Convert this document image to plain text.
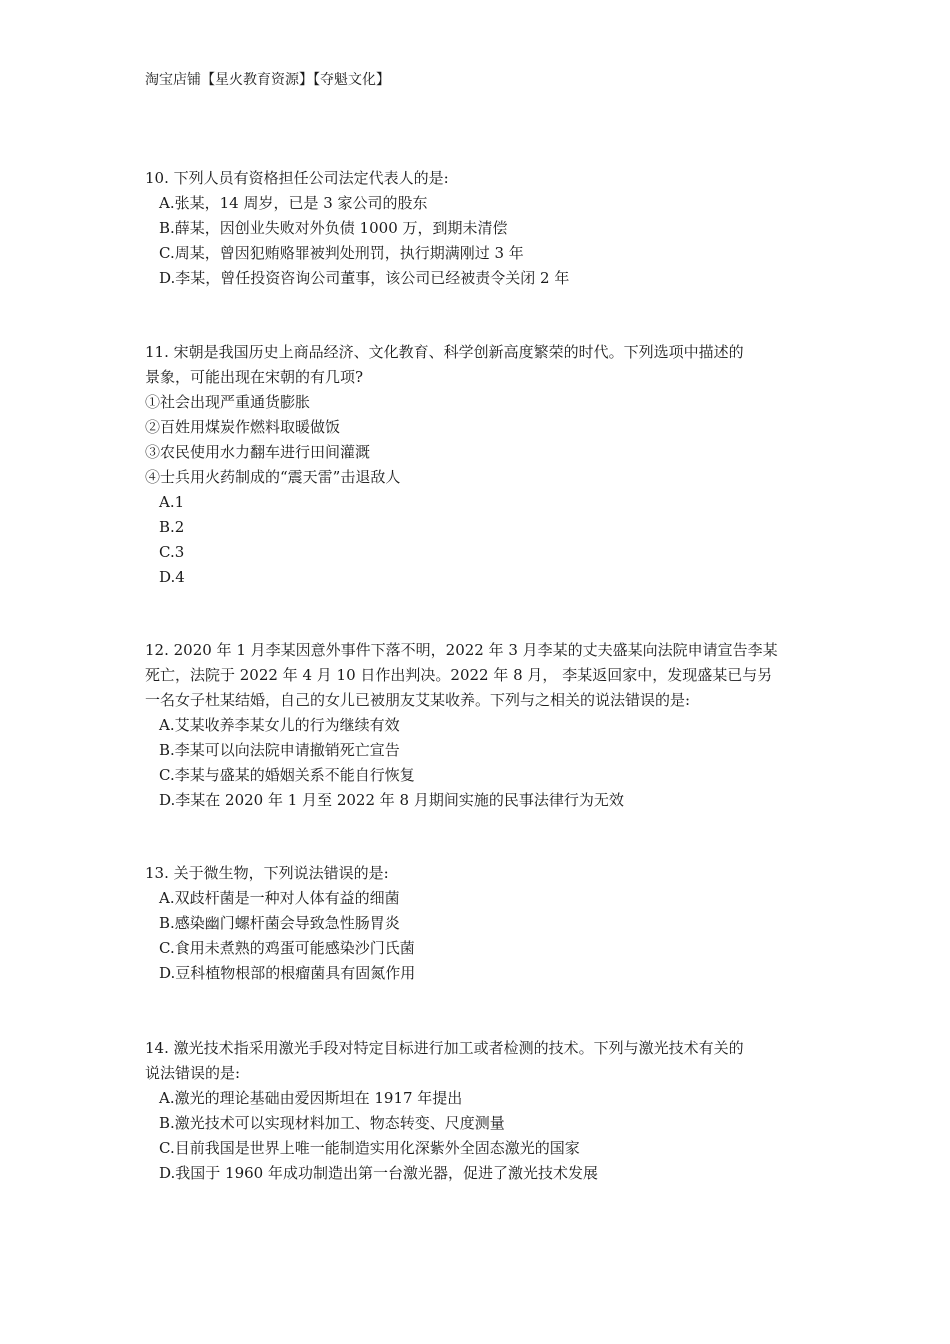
淘宝店铺【星火教育资源】【夺魁文化】
10. 下列人员有资格担任公司法定代表人的是:
A.张某，14 周岁，已是 3 家公司的股东
B.薛某，因创业失败对外负债 1000 万，到期未清偿
C.周某，曾因犯贿赂罪被判处刑罚，执行期满刚过 3 年
D.李某，曾任投资咨询公司董事，该公司已经被责令关闭 2 年
11. 宋朝是我国历史上商品经济、文化教育、科学创新高度繁荣的时代。下列选项中描述的
景象，可能出现在宋朝的有几项?
①社会出现严重通货膨胀
②百姓用煤炭作燃料取暖做饭
③农民使用水力翻车进行田间灌溉
④士兵用火药制成的“震天雷”击退敌人
A.1
B.2
C.3
D.4
12. 2020 年 1 月李某因意外事件下落不明，2022 年 3 月李某的丈夫盛某向法院申请宣告李某
死亡，法院于 2022 年 4 月 10 日作出判决。2022 年 8 月， 李某返回家中，发现盛某已与另
一名女子杜某结婚，自己的女儿已被朋友艾某收养。下列与之相关的说法错误的是:
A.艾某收养李某女儿的行为继续有效
B.李某可以向法院申请撤销死亡宣告
C.李某与盛某的婚姻关系不能自行恢复
D.李某在 2020 年 1 月至 2022 年 8 月期间实施的民事法律行为无效
13. 关于微生物，下列说法错误的是:
A.双歧杆菌是一种对人体有益的细菌
B.感染幽门螺杆菌会导致急性肠胃炎
C.食用未煮熟的鸡蛋可能感染沙门氏菌
D.豆科植物根部的根瘤菌具有固氮作用
14. 激光技术指采用激光手段对特定目标进行加工或者检测的技术。下列与激光技术有关的
说法错误的是:
A.激光的理论基础由爱因斯坦在 1917 年提出
B.激光技术可以实现材料加工、物态转变、尺度测量
C.目前我国是世界上唯一能制造实用化深紫外全固态激光的国家
D.我国于 1960 年成功制造出第一台激光器，促进了激光技术发展
